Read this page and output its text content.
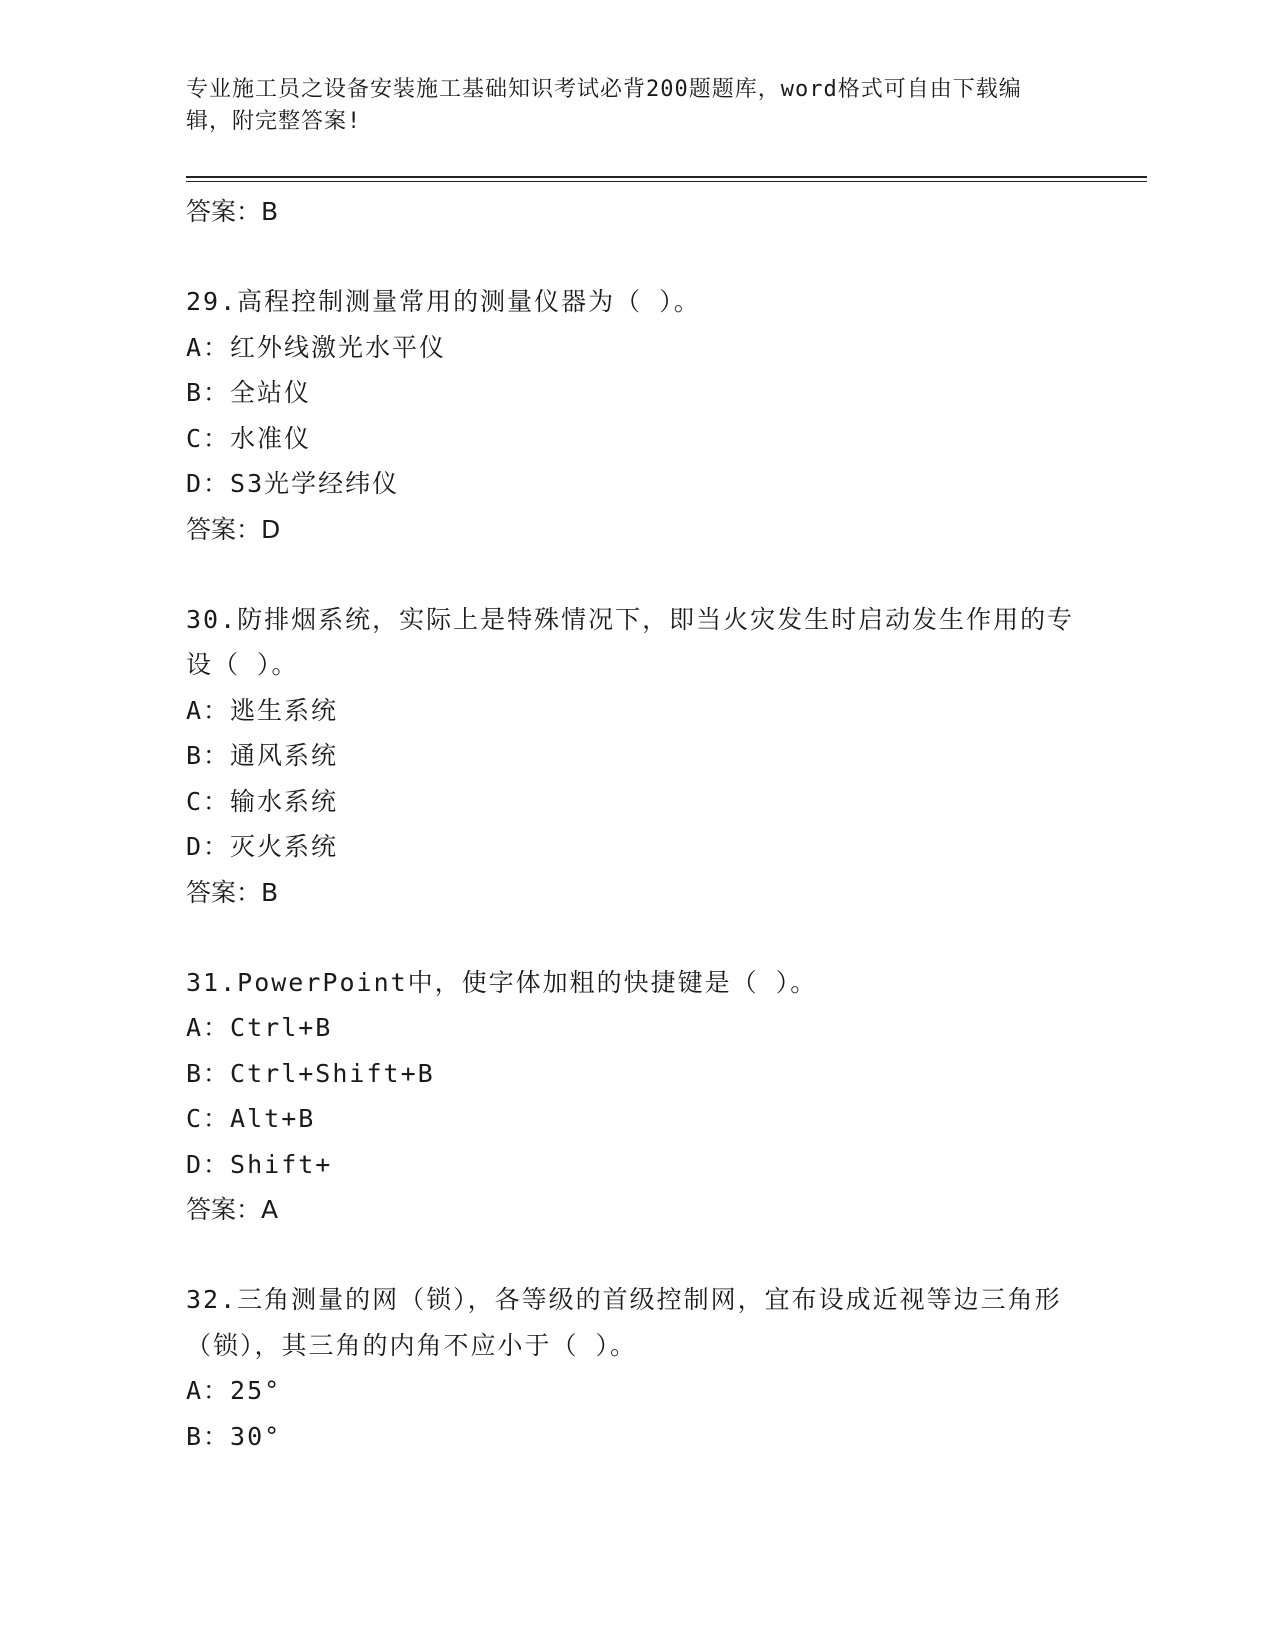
专业施工员之设备安装施工基础知识考试必背200题题库，word格式可自由下载编辑，附完整答案!
答案：B
29.高程控制测量常用的测量仪器为（ ）。
A：红外线激光水平仪
B：全站仪
C：水准仪
D：S3光学经纬仪
答案：D
30.防排烟系统，实际上是特殊情况下，即当火灾发生时启动发生作用的专设（ ）。
A：逃生系统
B：通风系统
C：输水系统
D：灭火系统
答案：B
31.PowerPoint中，使字体加粗的快捷键是（ ）。
A：Ctrl+B
B：Ctrl+Shift+B
C：Alt+B
D：Shift+
答案：A
32.三角测量的网（锁），各等级的首级控制网，宜布设成近视等边三角形（锁），其三角的内角不应小于（ ）。
A：25°
B：30°
